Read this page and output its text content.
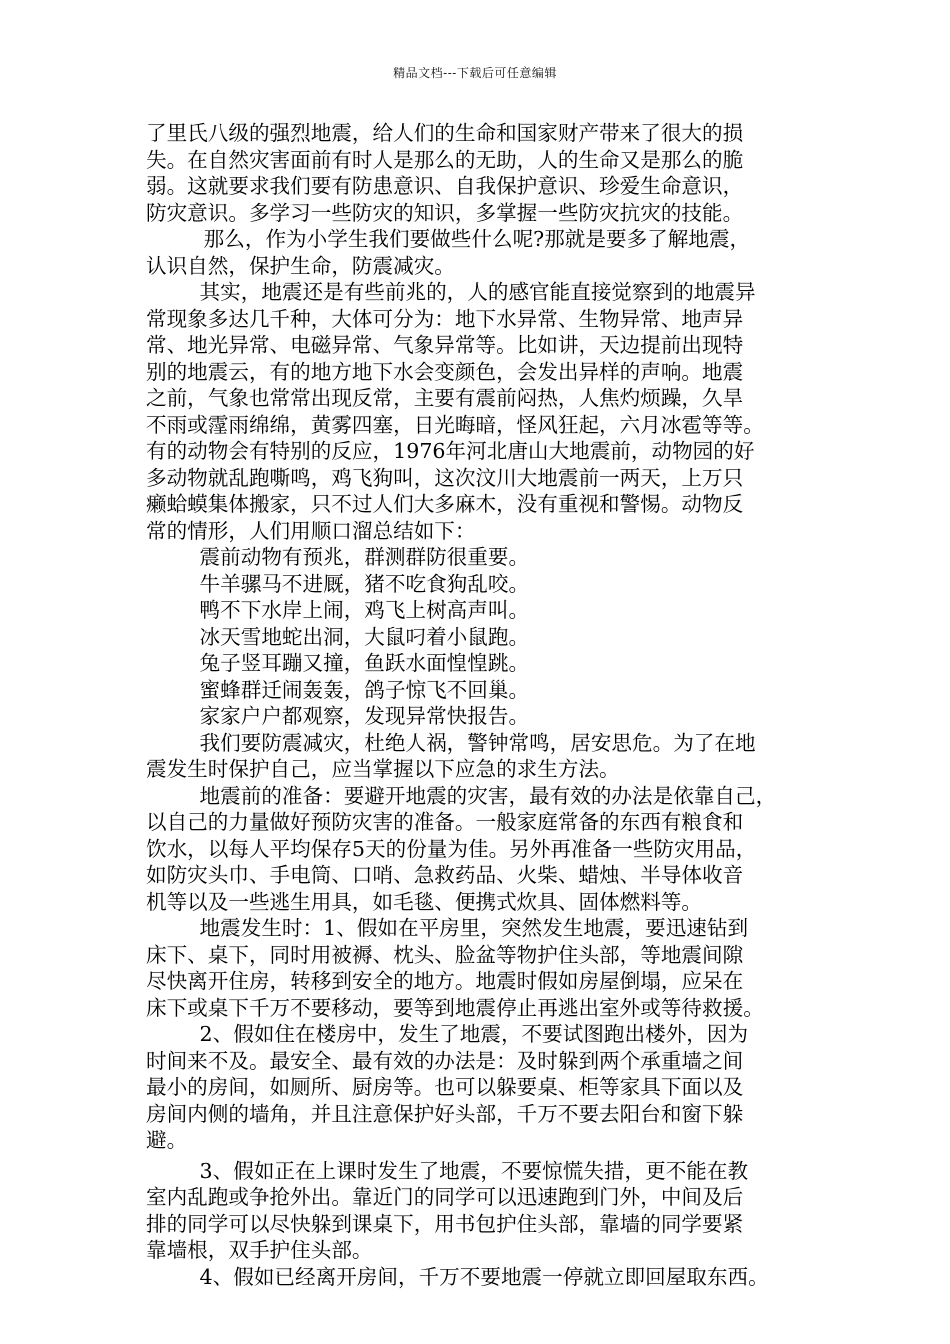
精品文档---下载后可任意编辑
了里氏八级的强烈地震，给人们的生命和国家财产带来了很大的损
失。在自然灾害面前有时人是那么的无助，人的生命又是那么的脆
弱。这就要求我们要有防患意识、自我保护意识、珍爱生命意识，
防灾意识。多学习一些防灾的知识，多掌握一些防灾抗灾的技能。
那么，作为小学生我们要做些什么呢?那就是要多了解地震，
认识自然，保护生命，防震减灾。
其实，地震还是有些前兆的，人的感官能直接觉察到的地震异
常现象多达几千种，大体可分为：地下水异常、生物异常、地声异
常、地光异常、电磁异常、气象异常等。比如讲，天边提前出现特
别的地震云，有的地方地下水会变颜色，会发出异样的声响。地震
之前，气象也常常出现反常，主要有震前闷热，人焦灼烦躁，久旱
不雨或霪雨绵绵，黄雾四塞，日光晦暗，怪风狂起，六月冰雹等等。
有的动物会有特别的反应，1976年河北唐山大地震前，动物园的好
多动物就乱跑嘶鸣，鸡飞狗叫，这次汶川大地震前一两天，上万只
癞蛤蟆集体搬家，只不过人们大多麻木，没有重视和警惕。动物反
常的情形，人们用顺口溜总结如下：
震前动物有预兆，群测群防很重要。
牛羊骡马不进厩，猪不吃食狗乱咬。
鸭不下水岸上闹，鸡飞上树高声叫。
冰天雪地蛇出洞，大鼠叼着小鼠跑。
兔子竖耳蹦又撞，鱼跃水面惶惶跳。
蜜蜂群迁闹轰轰，鸽子惊飞不回巢。
家家户户都观察，发现异常快报告。
我们要防震减灾，杜绝人祸，警钟常鸣，居安思危。为了在地
震发生时保护自己，应当掌握以下应急的求生方法。
地震前的准备：要避开地震的灾害，最有效的办法是依靠自己，
以自己的力量做好预防灾害的准备。一般家庭常备的东西有粮食和
饮水，以每人平均保存5天的份量为佳。另外再准备一些防灾用品，
如防灾头巾、手电筒、口哨、急救药品、火柴、蜡烛、半导体收音
机等以及一些逃生用具，如毛毯、便携式炊具、固体燃料等。
地震发生时：1、假如在平房里，突然发生地震，要迅速钻到
床下、桌下，同时用被褥、枕头、脸盆等物护住头部，等地震间隙
尽快离开住房，转移到安全的地方。地震时假如房屋倒塌，应呆在
床下或桌下千万不要移动，要等到地震停止再逃出室外或等待救援。
2、假如住在楼房中，发生了地震，不要试图跑出楼外，因为
时间来不及。最安全、最有效的办法是：及时躲到两个承重墙之间
最小的房间，如厕所、厨房等。也可以躲要桌、柜等家具下面以及
房间内侧的墙角，并且注意保护好头部，千万不要去阳台和窗下躲
避。
3、假如正在上课时发生了地震，不要惊慌失措，更不能在教
室内乱跑或争抢外出。靠近门的同学可以迅速跑到门外，中间及后
排的同学可以尽快躲到课桌下，用书包护住头部，靠墙的同学要紧
靠墙根，双手护住头部。
4、假如已经离开房间，千万不要地震一停就立即回屋取东西。
